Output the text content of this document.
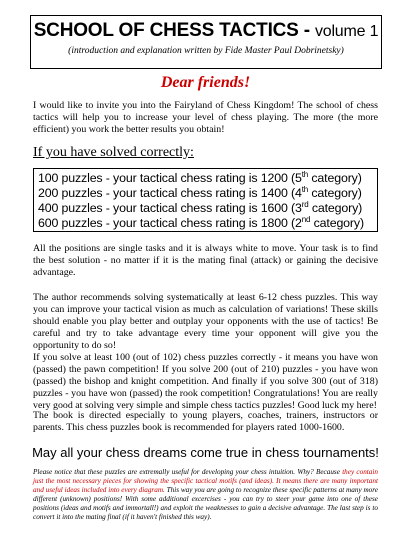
SCHOOL OF CHESS TACTICS - volume 1
(introduction and explanation written by Fide Master Paul Dobrinetsky)
Dear friends!

I would like to invite you into the Fairyland of Chess Kingdom! The school of chess tactics will help you to increase your level of chess playing. The more (the more efficient) you work the better results you obtain!

If you have solved correctly:
100 puzzles - your tactical chess rating is 1200 (5th category)
200 puzzles - your tactical chess rating is 1400 (4th category)
400 puzzles - your tactical chess rating is 1600 (3rd category)
600 puzzles - your tactical chess rating is 1800 (2nd category)

All the positions are single tasks and it is always white to move. Your task is to find the best solution - no matter if it is the mating final (attack) or gaining the decisive advantage.

The author recommends solving systematically at least 6-12 chess puzzles. This way you can improve your tactical vision as much as calculation of variations! These skills should enable you play better and outplay your opponents with the use of tactics! Be careful and try to take advantage every time your opponent will give you the opportunity to do so!

If you solve at least 100 (out of 102) chess puzzles correctly - it means you have won (passed) the pawn competition! If you solve 200 (out of 210) puzzles - you have won (passed) the bishop and knight competition. And finally if you solve 300 (out of 318) puzzles - you have won (passed) the rook competition! Congratulations! You are really very good at solving very simple and simple chess tactics puzzles! Good luck my here!

The book is directed especially to young players, coaches, trainers, instructors or parents. This chess puzzles book is recommended for players rated 1000-1600.

May all your chess dreams come true in chess tournaments!

Please notice that these puzzles are extremally useful for developing your chess intuition. Why? Because they contain just the most necessary pieces for showing the specific tactical motifs (and ideas). It means there are many important and useful ideas included into every diagram. This way you are going to recognize these specific patterns at many more different (unknown) positions! With some additional excercises - you can try to steer your game into one of these positions (ideas and motifs and immortall!) and exploit the weaknesses to gain a decisive advantage. The last step is to convert it into the mating final (if it haven't finished this way).
